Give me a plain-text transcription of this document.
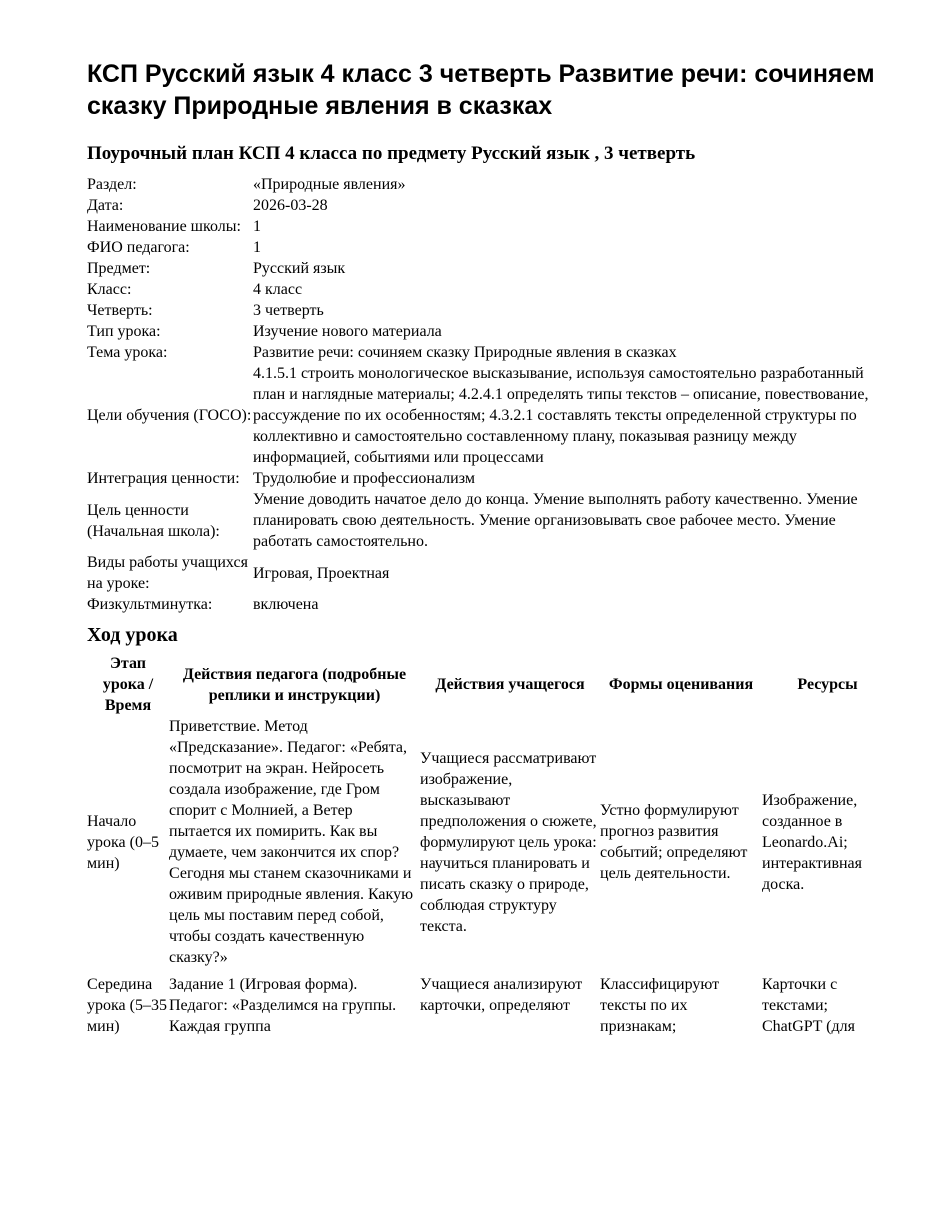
КСП Русский язык 4 класс 3 четверть Развитие речи: сочиняем сказку Природные явления в сказках
Поурочный план КСП 4 класса по предмету Русский язык , 3 четверть
Раздел:	«Природные явления»
Дата:	2026-03-28
Наименование школы:	1
ФИО педагога:	1
Предмет:	Русский язык
Класс:	4 класс
Четверть:	3 четверть
Тип урока:	Изучение нового материала
Тема урока:	Развитие речи: сочиняем сказку Природные явления в сказках
Цели обучения (ГОСО):	4.1.5.1 строить монологическое высказывание, используя самостоятельно разработанный план и наглядные материалы; 4.2.4.1 определять типы текстов – описание, повествование, рассуждение по их особенностям; 4.3.2.1 составлять тексты определенной структуры по коллективно и самостоятельно составленному плану, показывая разницу между информацией, событиями или процессами
Интеграция ценности:	Трудолюбие и профессионализм
Цель ценности (Начальная школа):	Умение доводить начатое дело до конца. Умение выполнять работу качественно. Умение планировать свою деятельность. Умение организовывать свое рабочее место. Умение работать самостоятельно.
Виды работы учащихся на уроке:	Игровая, Проектная
Физкультминутка:	включена
Ход урока
Этап урока / Время	Действия педагога (подробные реплики и инструкции)	Действия учащегося	Формы оценивания	Ресурсы
Начало урока (0–5 мин)	Приветствие. Метод «Предсказание». Педагог: «Ребята, посмотрит на экран. Нейросеть создала изображение, где Гром спорит с Молнией, а Ветер пытается их помирить. Как вы думаете, чем закончится их спор? Сегодня мы станем сказочниками и оживим природные явления. Какую цель мы поставим перед собой, чтобы создать качественную сказку?»	Учащиеся рассматривают изображение, высказывают предположения о сюжете, формулируют цель урока: научиться планировать и писать сказку о природе, соблюдая структуру текста.	Устно формулируют прогноз развития событий; определяют цель деятельности.	Изображение, созданное в Leonardo.Ai; интерактивная доска.
Середина урока (5–35 мин)	Задание 1 (Игровая форма). Педагог: «Разделимся на группы. Каждая группа	Учащиеся анализируют карточки, определяют	Классифицируют тексты по их признакам;	Карточки с текстами; ChatGPT (для
